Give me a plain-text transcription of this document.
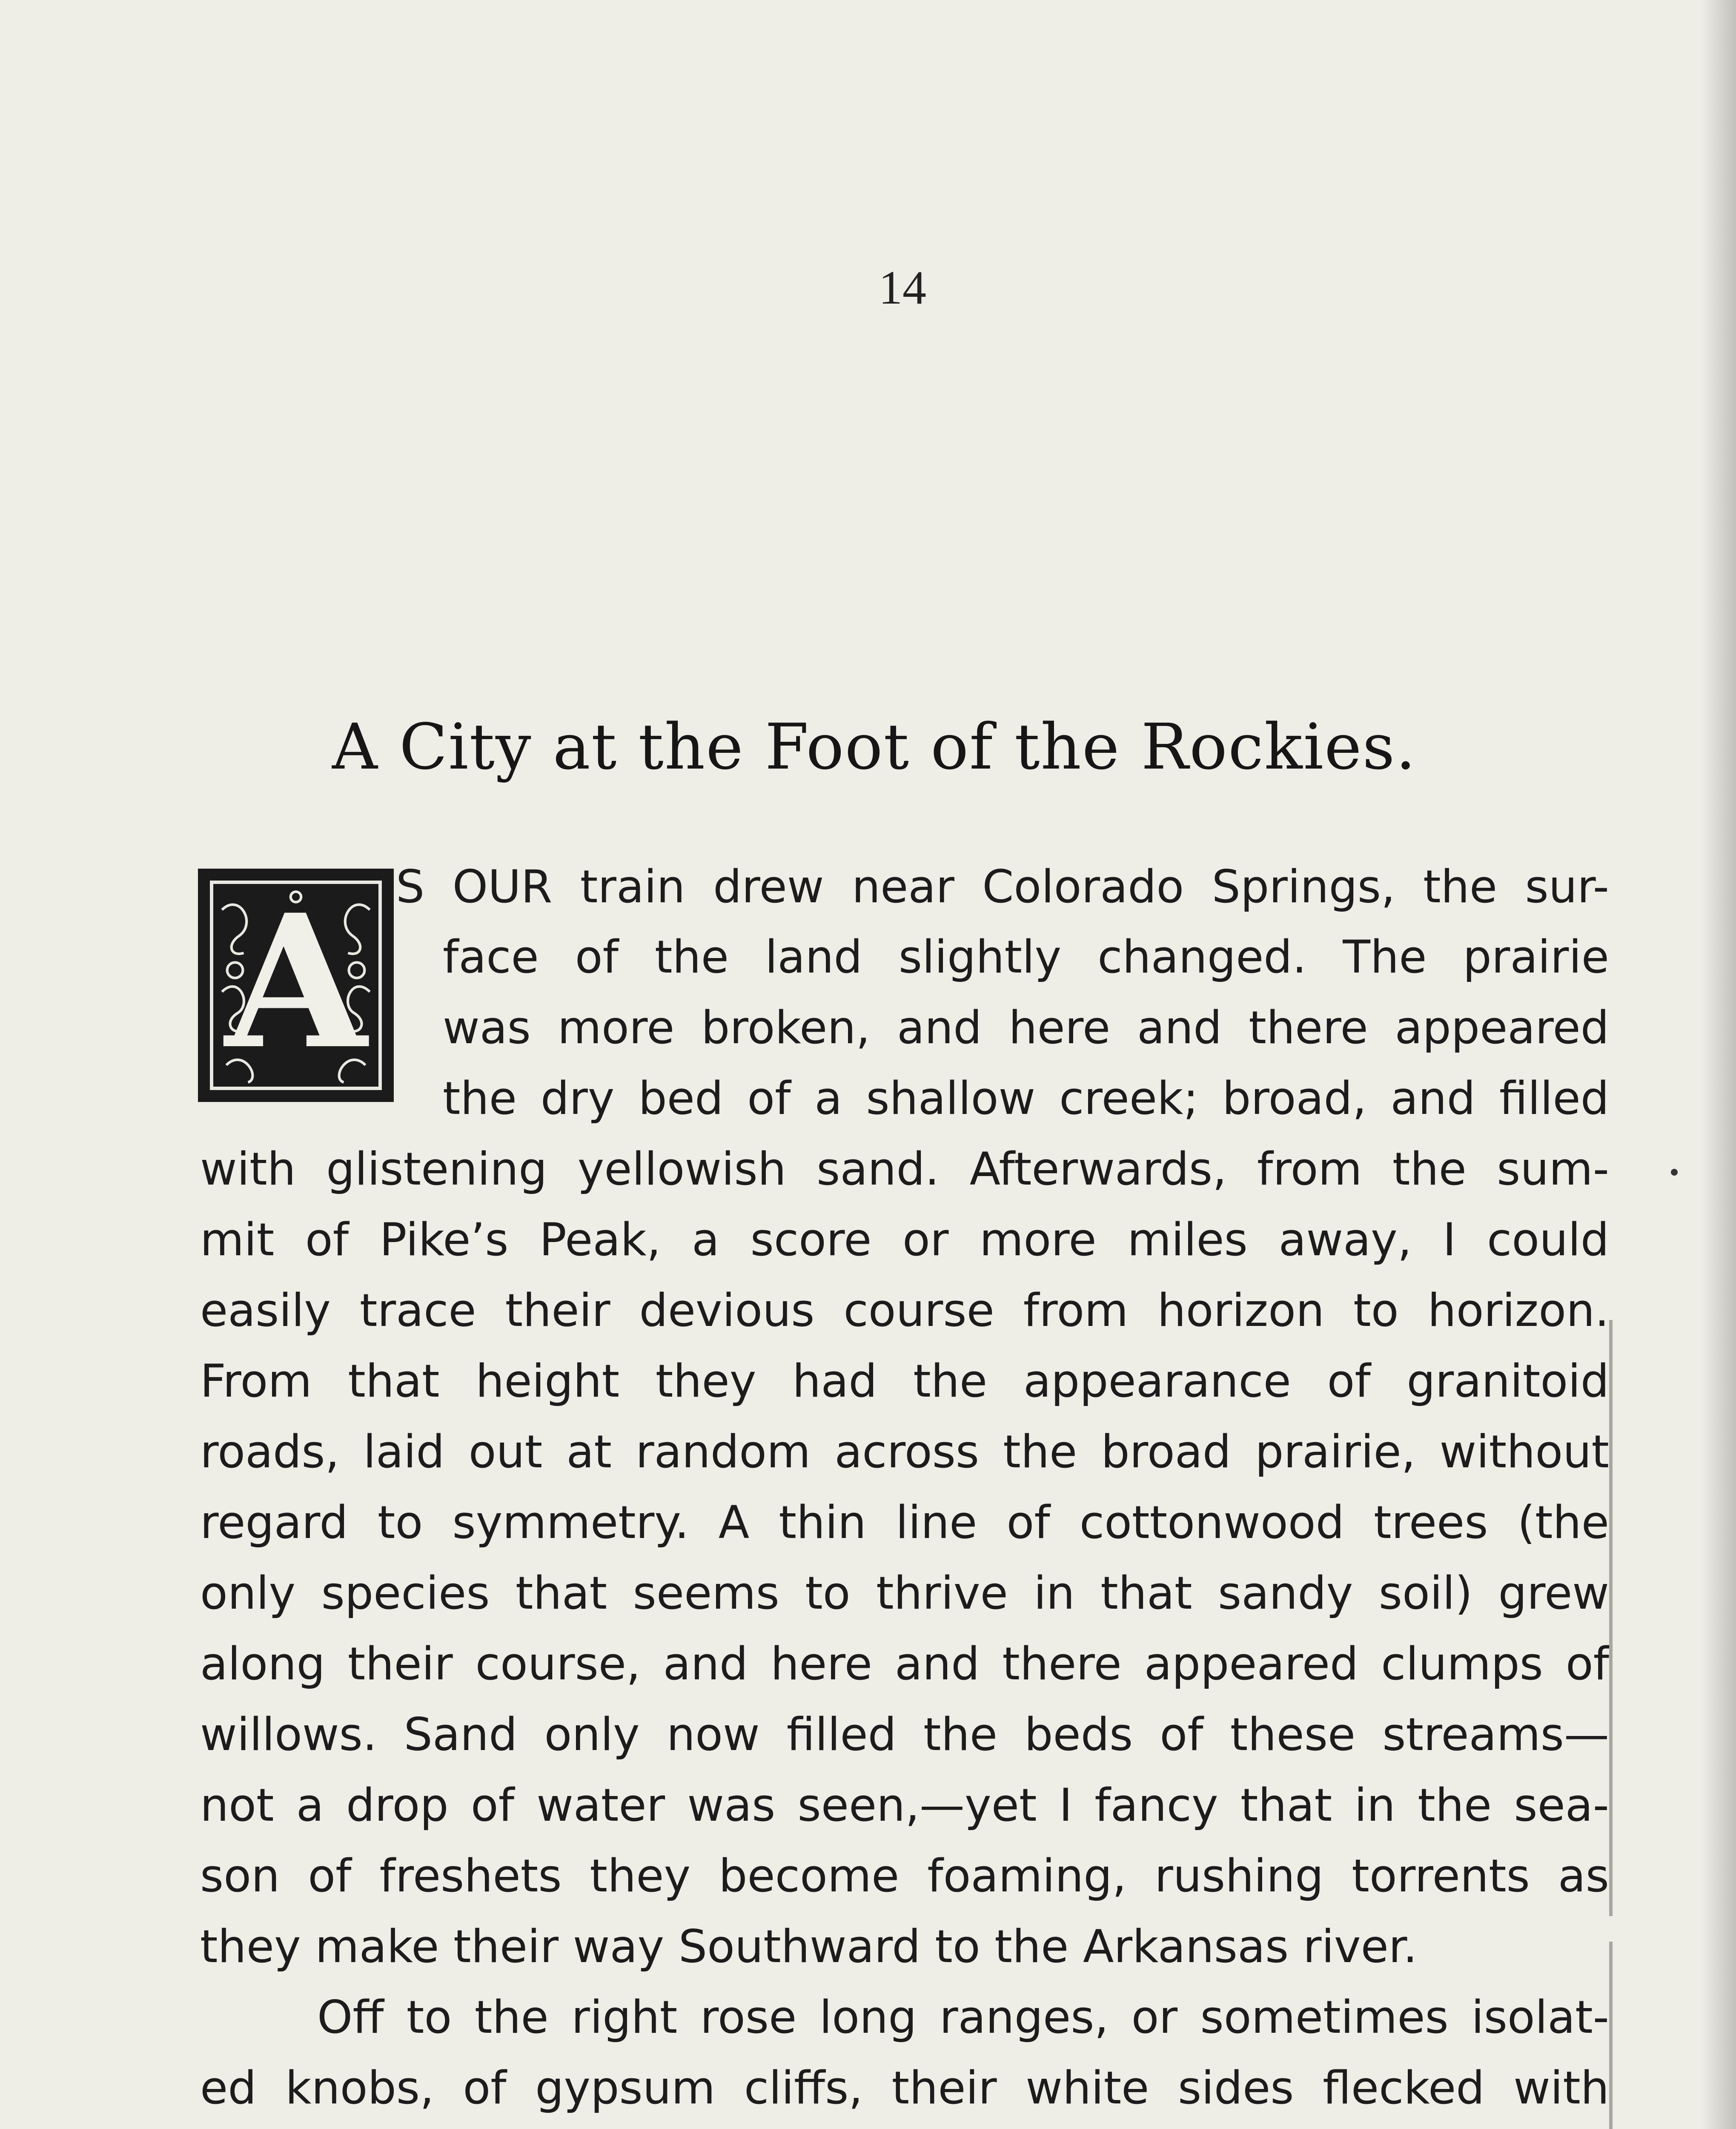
14
A City at the Foot of the Rockies.
A S OUR train drew near Colorado Springs, the sur-
face of the land slightly changed. The prairie
was more broken, and here and there appeared
the dry bed of a shallow creek; broad, and filled
with glistening yellowish sand. Afterwards, from the sum-
mit of Pike’s Peak, a score or more miles away, I could
easily trace their devious course from horizon to horizon.
From that height they had the appearance of granitoid
roads, laid out at random across the broad prairie, without
regard to symmetry. A thin line of cottonwood trees (the
only species that seems to thrive in that sandy soil) grew
along their course, and here and there appeared clumps of
willows. Sand only now filled the beds of these streams—
not a drop of water was seen,—yet I fancy that in the sea-
son of freshets they become foaming, rushing torrents as
they make their way Southward to the Arkansas river.
Off to the right rose long ranges, or sometimes isolat-
ed knobs, of gypsum cliffs, their white sides flecked with
